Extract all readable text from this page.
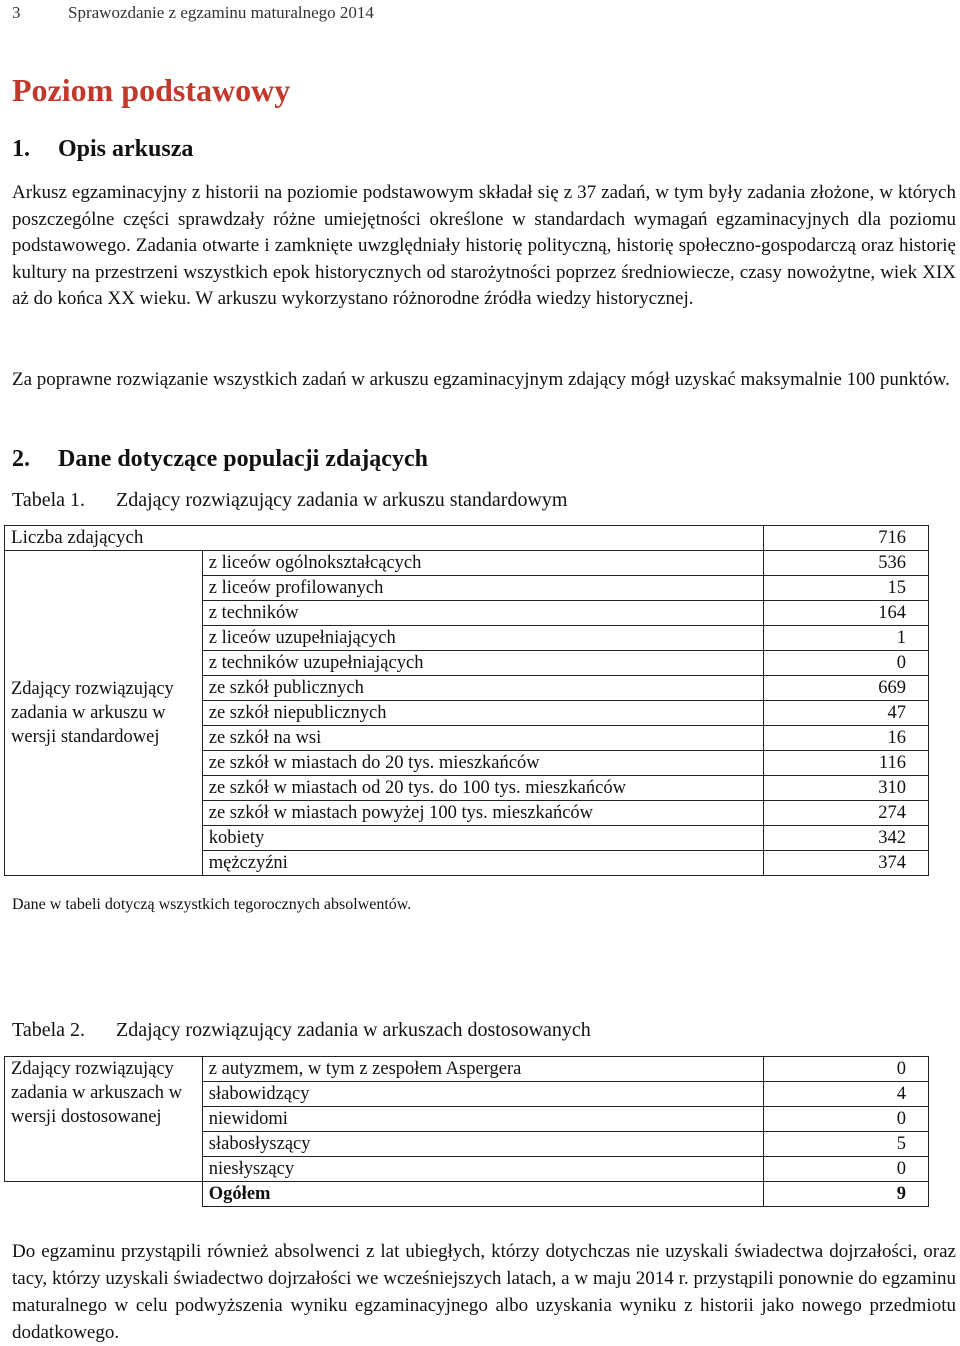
3	Sprawozdanie z egzaminu maturalnego 2014
Poziom podstawowy
1. Opis arkusza
Arkusz egzaminacyjny z historii na poziomie podstawowym składał się z 37 zadań, w tym były zadania złożone, w których poszczególne części sprawdzały różne umiejętności określone w standardach wymagań egzaminacyjnych dla poziomu podstawowego. Zadania otwarte i zamknięte uwzględniały historię polityczną, historię społeczno-gospodarczą oraz historię kultury na przestrzeni wszystkich epok historycznych od starożytności poprzez średniowiecze, czasy nowożytne, wiek XIX aż do końca XX wieku. W arkuszu wykorzystano różnorodne źródła wiedzy historycznej.
Za poprawne rozwiązanie wszystkich zadań w arkuszu egzaminacyjnym zdający mógł uzyskać maksymalnie 100 punktów.
2. Dane dotyczące populacji zdających
Tabela 1. Zdający rozwiązujący zadania w arkuszu standardowym
Liczba zdających		716
Zdający rozwiązujący zadania w arkuszu w wersji standardowej	z liceów ogólnokształcących	536
	z liceów profilowanych	15
	z techników	164
	z liceów uzupełniających	1
	z techników uzupełniających	0
	ze szkół publicznych	669
	ze szkół niepublicznych	47
	ze szkół na wsi	16
	ze szkół w miastach do 20 tys. mieszkańców	116
	ze szkół w miastach od 20 tys. do 100 tys. mieszkańców	310
	ze szkół w miastach powyżej 100 tys. mieszkańców	274
	kobiety	342
	mężczyźni	374
Dane w tabeli dotyczą wszystkich tegorocznych absolwentów.
Tabela 2. Zdający rozwiązujący zadania w arkuszach dostosowanych
Zdający rozwiązujący zadania w arkuszach w wersji dostosowanej	z autyzmem, w tym z zespołem Aspergera	0
	słabowidzący	4
	niewidomi	0
	słabosłyszący	5
	niesłyszący	0
	Ogółem	9
Do egzaminu przystąpili również absolwenci z lat ubiegłych, którzy dotychczas nie uzyskali świadectwa dojrzałości, oraz tacy, którzy uzyskali świadectwo dojrzałości we wcześniejszych latach, a w maju 2014 r. przystąpili ponownie do egzaminu maturalnego w celu podwyższenia wyniku egzaminacyjnego albo uzyskania wyniku z historii jako nowego przedmiotu dodatkowego.
